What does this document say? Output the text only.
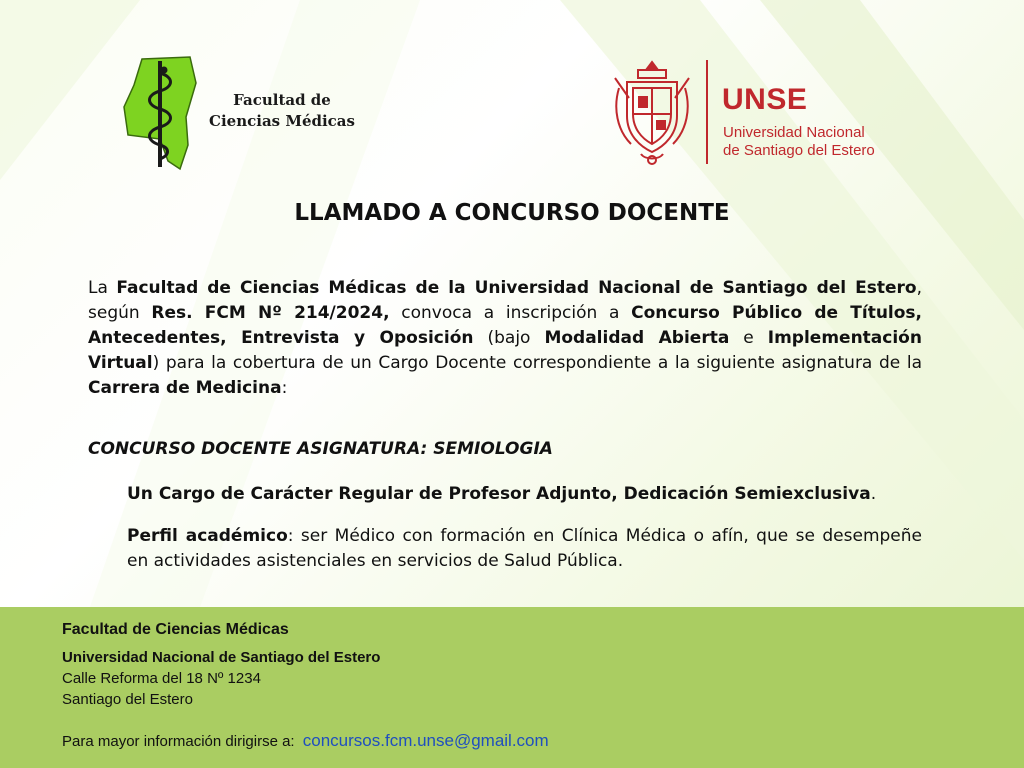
Facultad de
Ciencias Médicas
UNSE
Universidad Nacional
de Santiago del Estero
LLAMADO A CONCURSO DOCENTE
La Facultad de Ciencias Médicas de la Universidad Nacional de Santiago del Estero, según Res. FCM Nº 214/2024, convoca a inscripción a Concurso Público de Títulos, Antecedentes, Entrevista y Oposición (bajo Modalidad Abierta e Implementación Virtual) para la cobertura de un Cargo Docente correspondiente a la siguiente asignatura de la Carrera de Medicina:
CONCURSO DOCENTE ASIGNATURA: SEMIOLOGIA
Un Cargo de Carácter Regular de Profesor Adjunto, Dedicación Semiexclusiva.
Perfil académico: ser Médico con formación en Clínica Médica o afín, que se desempeñe en actividades asistenciales en servicios de Salud Pública.
Facultad de Ciencias Médicas
Universidad Nacional de Santiago del Estero
Calle Reforma del 18 Nº 1234
Santiago del Estero
Para mayor información dirigirse a: concursos.fcm.unse@gmail.com
